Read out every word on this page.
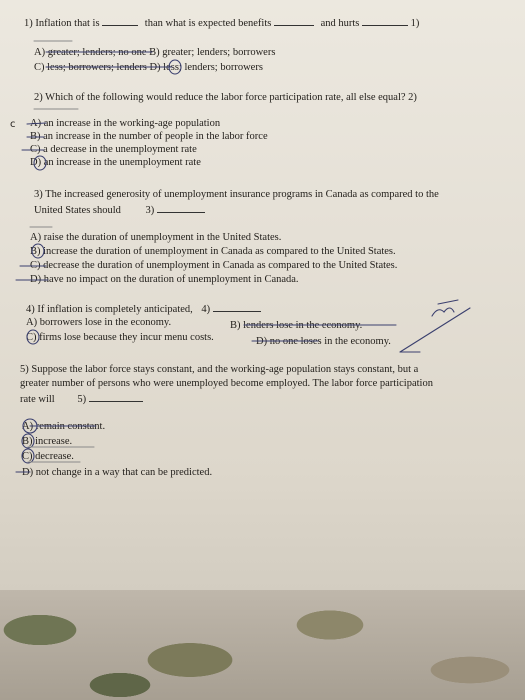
1) Inflation that is	than what is expected benefits	and hurts	1)
A) greater; lenders; no one B) greater; lenders; borrowers
C) less; borrowers; lenders D) less; lenders; borrowers
2) Which of the following would reduce the labor force participation rate, all else equal? 2)
c A) an increase in the working-age population
B) an increase in the number of people in the labor force
C) a decrease in the unemployment rate
D) an increase in the unemployment rate
3) The increased generosity of unemployment insurance programs in Canada as compared to the
United States should 3)
A) raise the duration of unemployment in the United States.
B) increase the duration of unemployment in Canada as compared to the United States.
C) decrease the duration of unemployment in Canada as compared to the United States.
D) have no impact on the duration of unemployment in Canada.
4) If inflation is completely anticipated, 4)
A) borrowers lose in the economy.	B) lenders lose in the economy.
C) firms lose because they incur menu costs.	D) no one loses in the economy.
5) Suppose the labor force stays constant, and the working-age population stays constant, but a
greater number of persons who were unemployed become employed. The labor force participation
rate will 5)
A) remain constant.
B) increase.
C) decrease.
D) not change in a way that can be predicted.
